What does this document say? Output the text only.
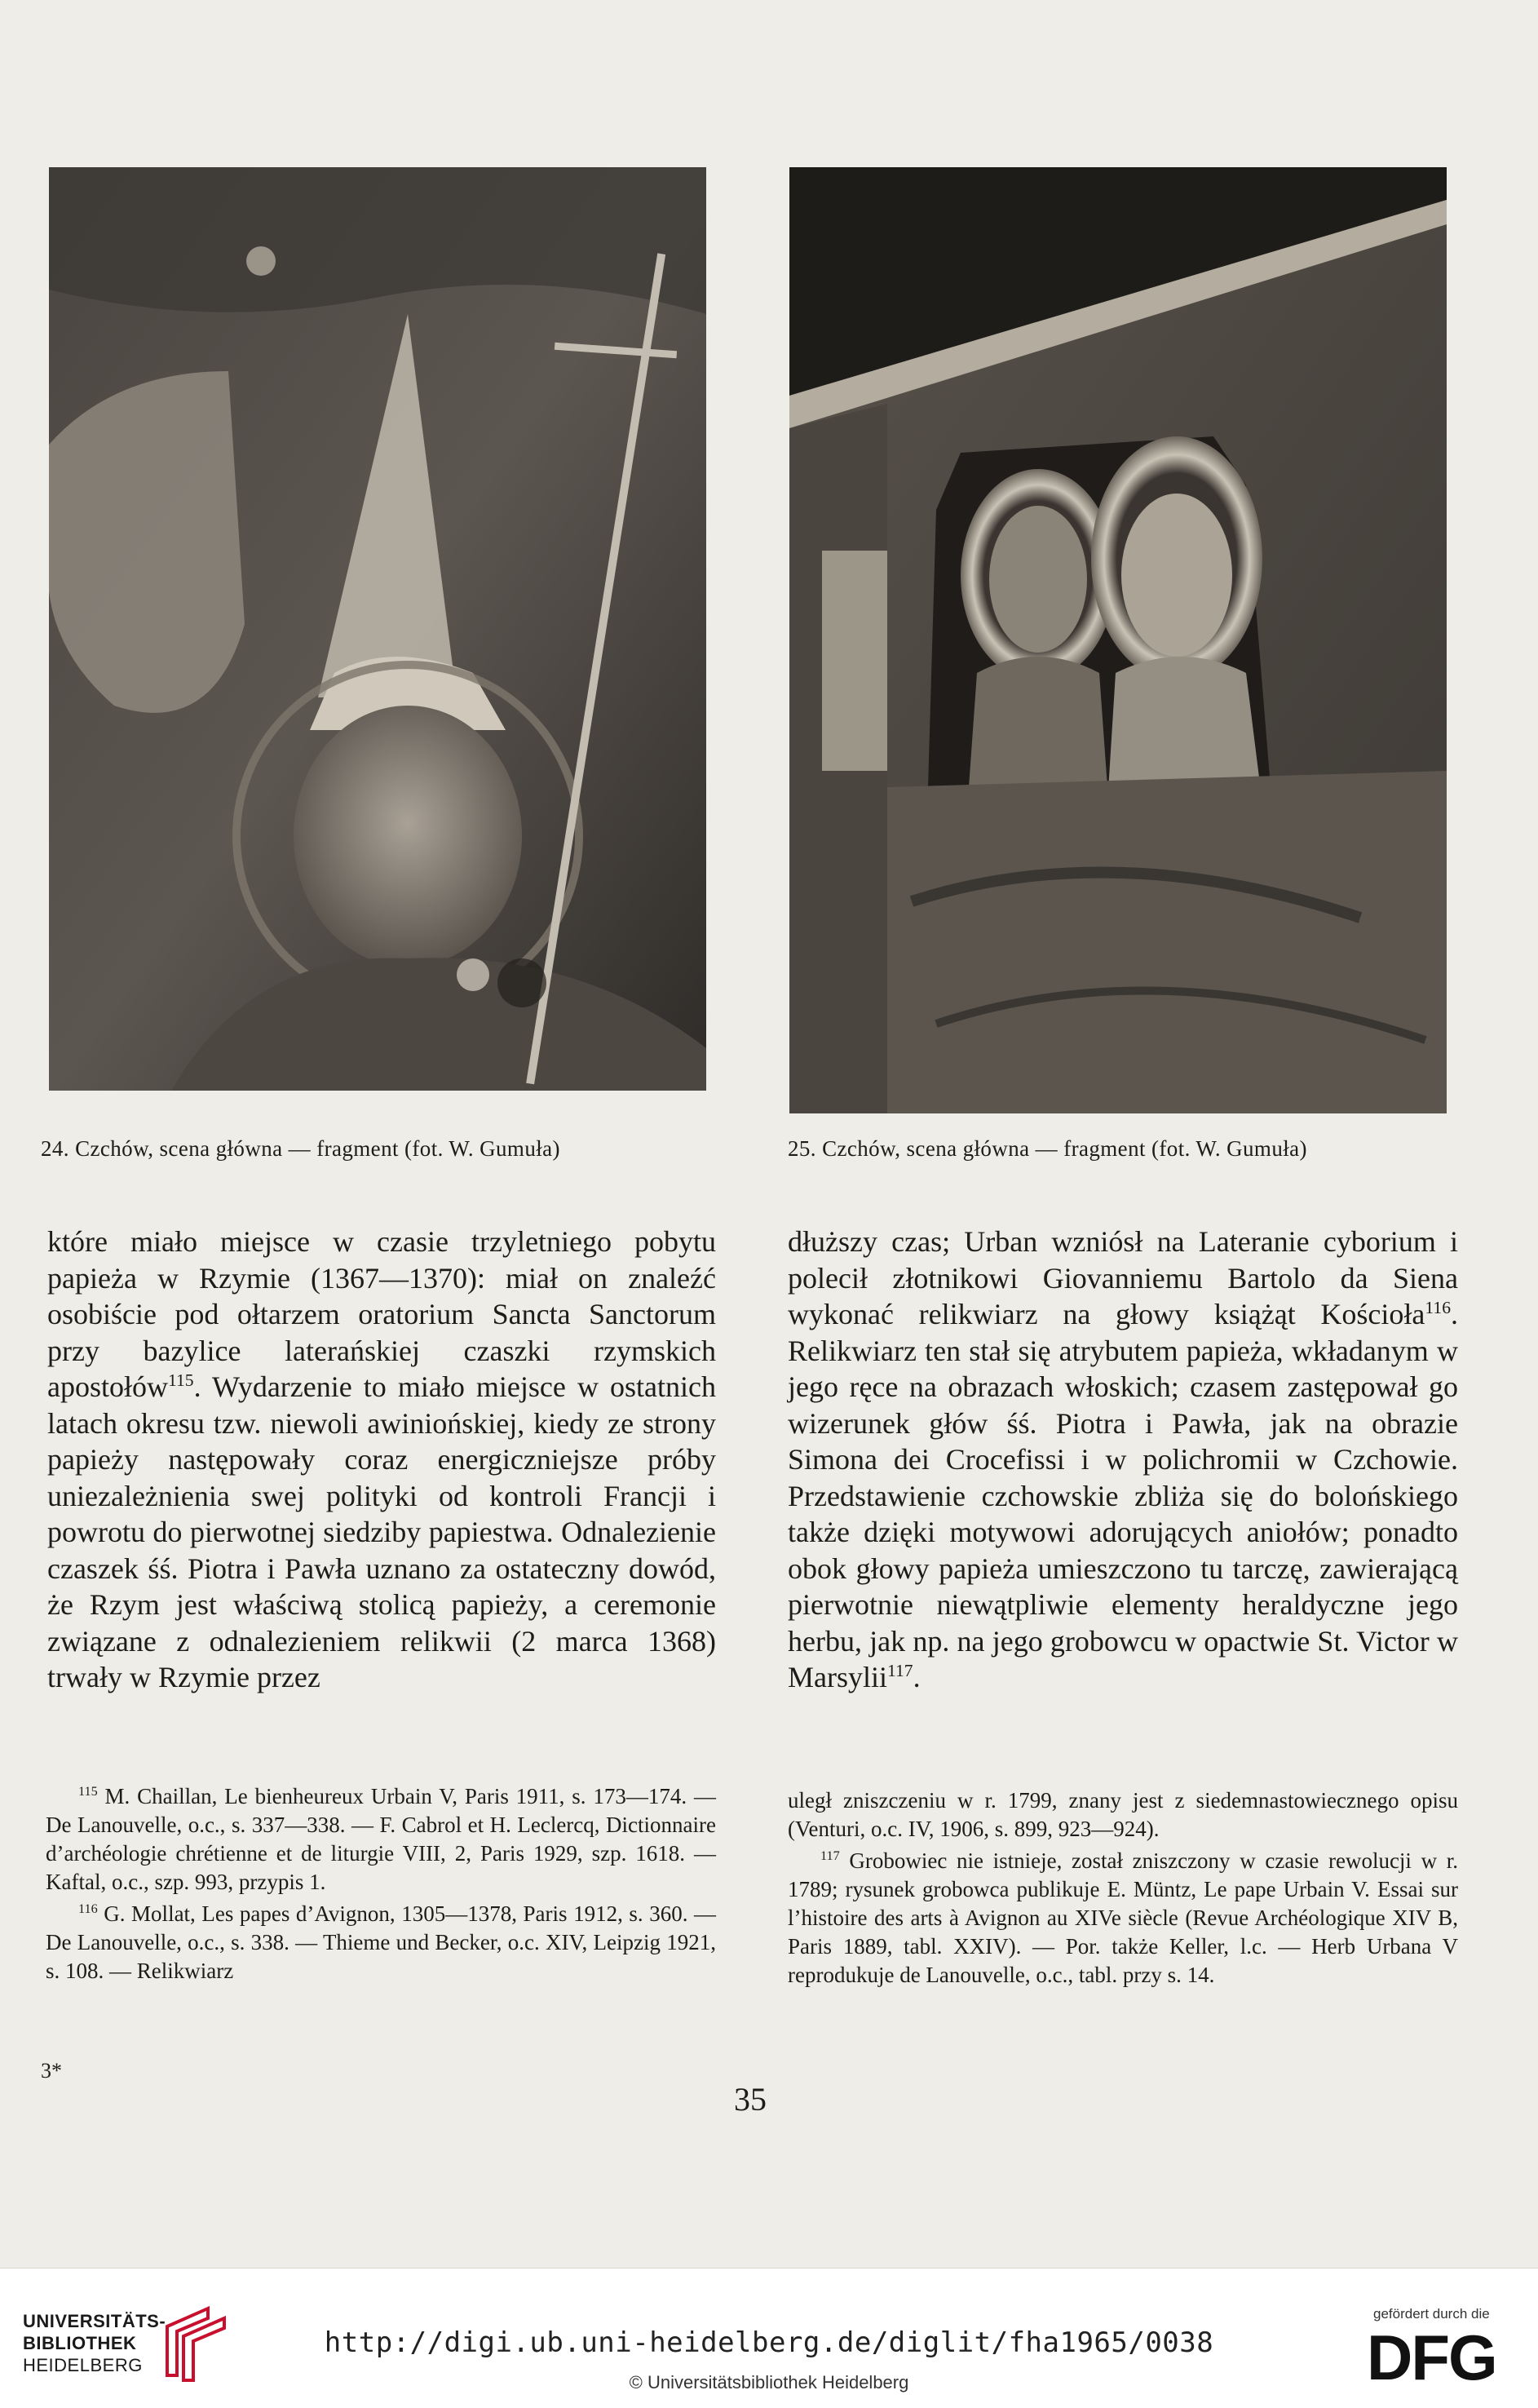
24. Czchów, scena główna — fragment (fot. W. Gumuła)	25. Czchów, scena główna — fragment (fot. W. Gumuła)

które miało miejsce w czasie trzyletniego pobytu papieża w Rzymie (1367—1370): miał on znaleźć osobiście pod ołtarzem oratorium Sancta Sanctorum przy bazylice laterańskiej czaszki rzymskich apostołów$^{115}$. Wydarzenie to miało miejsce w ostatnich latach okresu tzw. niewoli awiniońskiej, kiedy ze strony papieży następowały coraz energiczniejsze próby uniezależnienia swej polityki od kontroli Francji i powrotu do pierwotnej siedziby papiestwa. Odnalezienie czaszek śś. Piotra i Pawła uznano za ostateczny dowód, że Rzym jest właściwą stolicą papieży, a ceremonie związane z odnalezieniem relikwii (2 marca 1368) trwały w Rzymie przez

dłuższy czas; Urban wzniósł na Lateranie cyborium i polecił złotnikowi Giovanniemu Bartolo da Siena wykonać relikwiarz na głowy książąt Kościoła$^{116}$. Relikwiarz ten stał się atrybutem papieża, wkładanym w jego ręce na obrazach włoskich; czasem zastępował go wizerunek głów śś. Piotra i Pawła, jak na obrazie Simona dei Crocefissi i w polichromii w Czchowie. Przedstawienie czchowskie zbliża się do bolońskiego także dzięki motywowi adorujących aniołów; ponadto obok głowy papieża umieszczono tu tarczę, zawierającą pierwotnie niewątpliwie elementy heraldyczne jego herbu, jak np. na jego grobowcu w opactwie St. Victor w Marsylii$^{117}$.

$^{115}$ M. Chaillan, Le bienheureux Urbain V, Paris 1911, s. 173—174. — De Lanouvelle, o.c., s. 337—338. — F. Cabrol et H. Leclercq, Dictionnaire d’archéologie chrétienne et de liturgie VIII, 2, Paris 1929, szp. 1618. — Kaftal, o.c., szp. 993, przypis 1.

$^{116}$ G. Mollat, Les papes d’Avignon, 1305—1378, Paris 1912, s. 360. — De Lanouvelle, o.c., s. 338. — Thieme und Becker, o.c. XIV, Leipzig 1921, s. 108. — Relikwiarz

uległ zniszczeniu w r. 1799, znany jest z siedemnastowiecznego opisu (Venturi, o.c. IV, 1906, s. 899, 923—924).

$^{117}$ Grobowiec nie istnieje, został zniszczony w czasie rewolucji w r. 1789; rysunek grobowca publikuje E. Müntz, Le pape Urbain V. Essai sur l’histoire des arts à Avignon au XIVe siècle (Revue Archéologique XIV B, Paris 1889, tabl. XXIV). — Por. także Keller, l.c. — Herb Urbana V reprodukuje de Lanouvelle, o.c., tabl. przy s. 14.

3*
35
UNIVERSITÄTS-
BIBLIOTHEK
HEIDELBERG
http://digi.ub.uni-heidelberg.de/diglit/fha1965/0038
© Universitätsbibliothek Heidelberg
gefördert durch die
DFG
